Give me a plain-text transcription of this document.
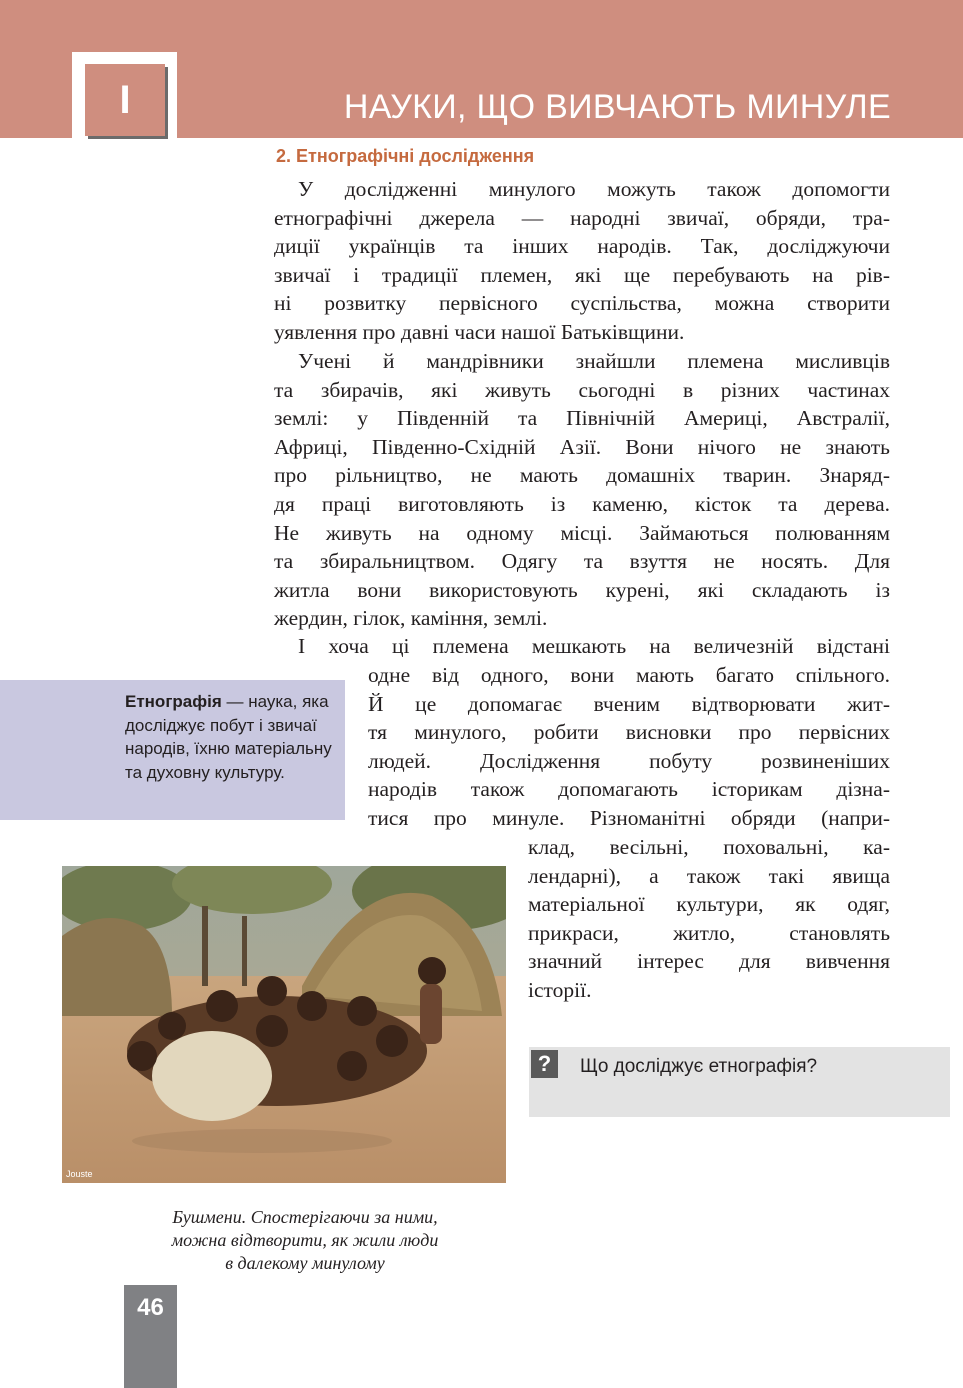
I	НАУКИ, ЩО ВИВЧАЮТЬ МИНУЛЕ
2. Етнографічні дослідження
У дослідженні минулого можуть також допомогти
етнографічні джерела — народні звичаї, обряди, тра-
диції українців та інших народів. Так, досліджуючи
звичаї і традиції племен, які ще перебувають на рів-
ні розвитку первісного суспільства, можна створити
уявлення про давні часи нашої Батьківщини.
Учені й мандрівники знайшли племена мисливців
та збирачів, які живуть сьогодні в різних частинах
землі: у Південній та Північній Америці, Австралії,
Африці, Південно-Східній Азії. Вони нічого не знають
про рільництво, не мають домашніх тварин. Знаряд-
дя праці виготовляють із каменю, кісток та дерева.
Не живуть на одному місці. Займаються полюванням
та збиральництвом. Одягу та взуття не носять. Для
житла вони використовують курені, які складають із
жердин, гілок, каміння, землі.
І хоча ці племена мешкають на величезній відстані
одне від одного, вони мають багато спільного.
Й це допомагає вченим відтворювати жит-
тя минулого, робити висновки про первісних
людей. Дослідження побуту розвиненіших
народів також допомагають історикам дізна-
тися про минуле. Різноманітні обряди (напри-
клад, весільні, поховальні, ка-
лендарні), а також такі явища
матеріальної культури, як одяг,
прикраси, житло, становлять
значний інтерес для вивчення
історії.
Етнографія — наука, яка досліджує побут і звичаї народів, їхню матеріальну та духовну культуру.
Jouste
Бушмени. Спостерігаючи за ними,
можна відтворити, як жили люди
в далекому минулому
?	Що досліджує етнографія?
46
